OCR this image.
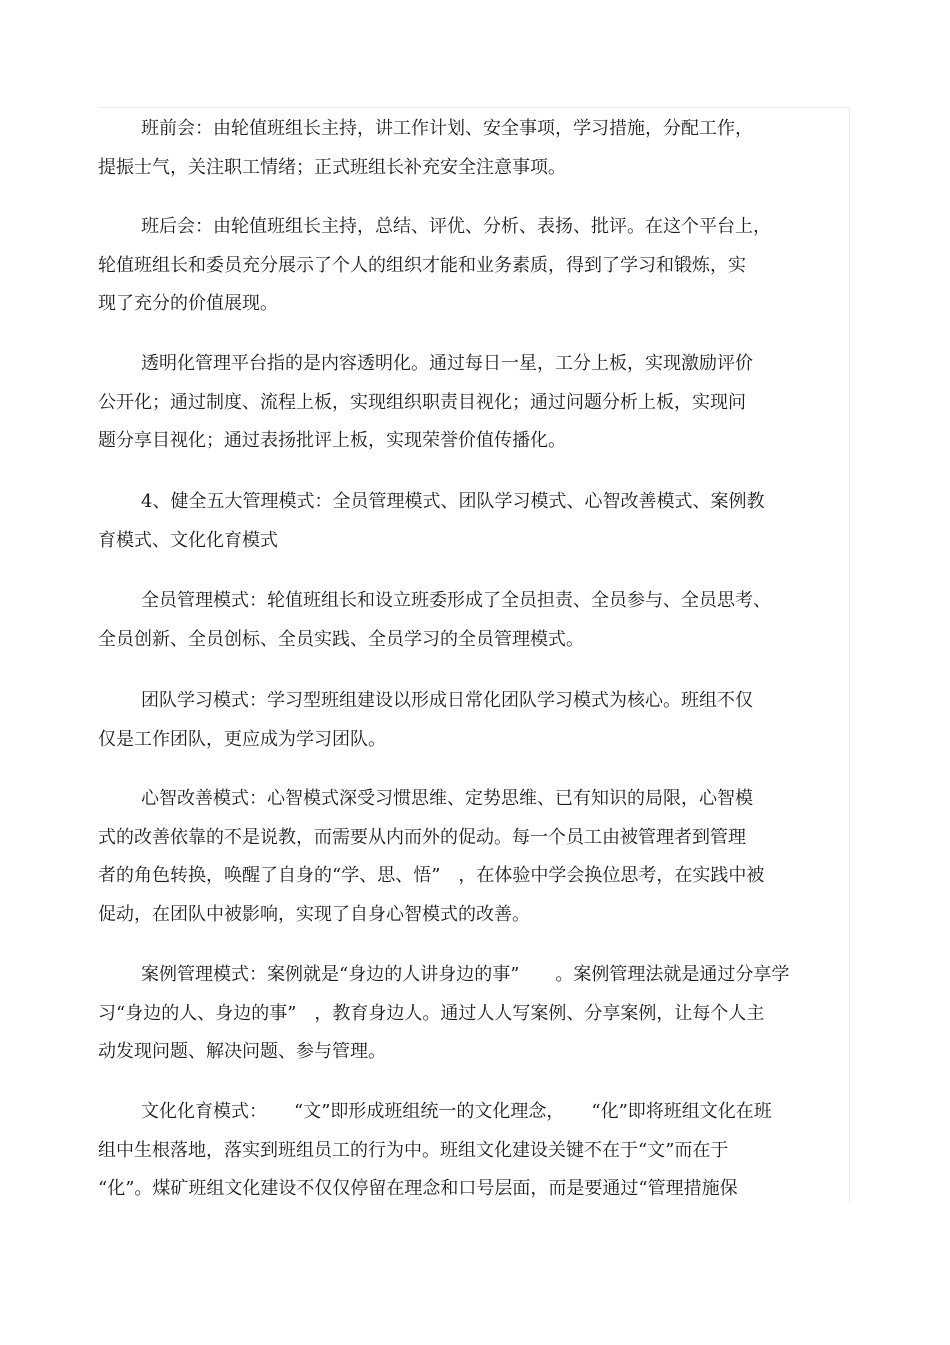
班前会：由轮值班组长主持，讲工作计划、安全事项，学习措施，分配工作，
提振士气，关注职工情绪；正式班组长补充安全注意事项。
班后会：由轮值班组长主持，总结、评优、分析、表扬、批评。在这个平台上，
轮值班组长和委员充分展示了个人的组织才能和业务素质，得到了学习和锻炼，实
现了充分的价值展现。
透明化管理平台指的是内容透明化。通过每日一星，工分上板，实现激励评价
公开化；通过制度、流程上板，实现组织职责目视化；通过问题分析上板，实现问
题分享目视化；通过表扬批评上板，实现荣誉价值传播化。
4、健全五大管理模式：全员管理模式、团队学习模式、心智改善模式、案例教
育模式、文化化育模式
全员管理模式：轮值班组长和设立班委形成了全员担责、全员参与、全员思考、
全员创新、全员创标、全员实践、全员学习的全员管理模式。
团队学习模式：学习型班组建设以形成日常化团队学习模式为核心。班组不仅
仅是工作团队，更应成为学习团队。
心智改善模式：心智模式深受习惯思维、定势思维、已有知识的局限，心智模
式的改善依靠的不是说教，而需要从内而外的促动。每一个员工由被管理者到管理
者的角色转换，唤醒了自身的“学、思、悟”　，在体验中学会换位思考，在实践中被
促动，在团队中被影响，实现了自身心智模式的改善。
案例管理模式：案例就是“身边的人讲身边的事”　　。案例管理法就是通过分享学
习“身边的人、身边的事”　，教育身边人。通过人人写案例、分享案例，让每个人主
动发现问题、解决问题、参与管理。
文化化育模式：　　“文”即形成班组统一的文化理念，　　“化”即将班组文化在班
组中生根落地，落实到班组员工的行为中。班组文化建设关键不在于“文”而在于
“化”。煤矿班组文化建设不仅仅停留在理念和口号层面，而是要通过“管理措施保
